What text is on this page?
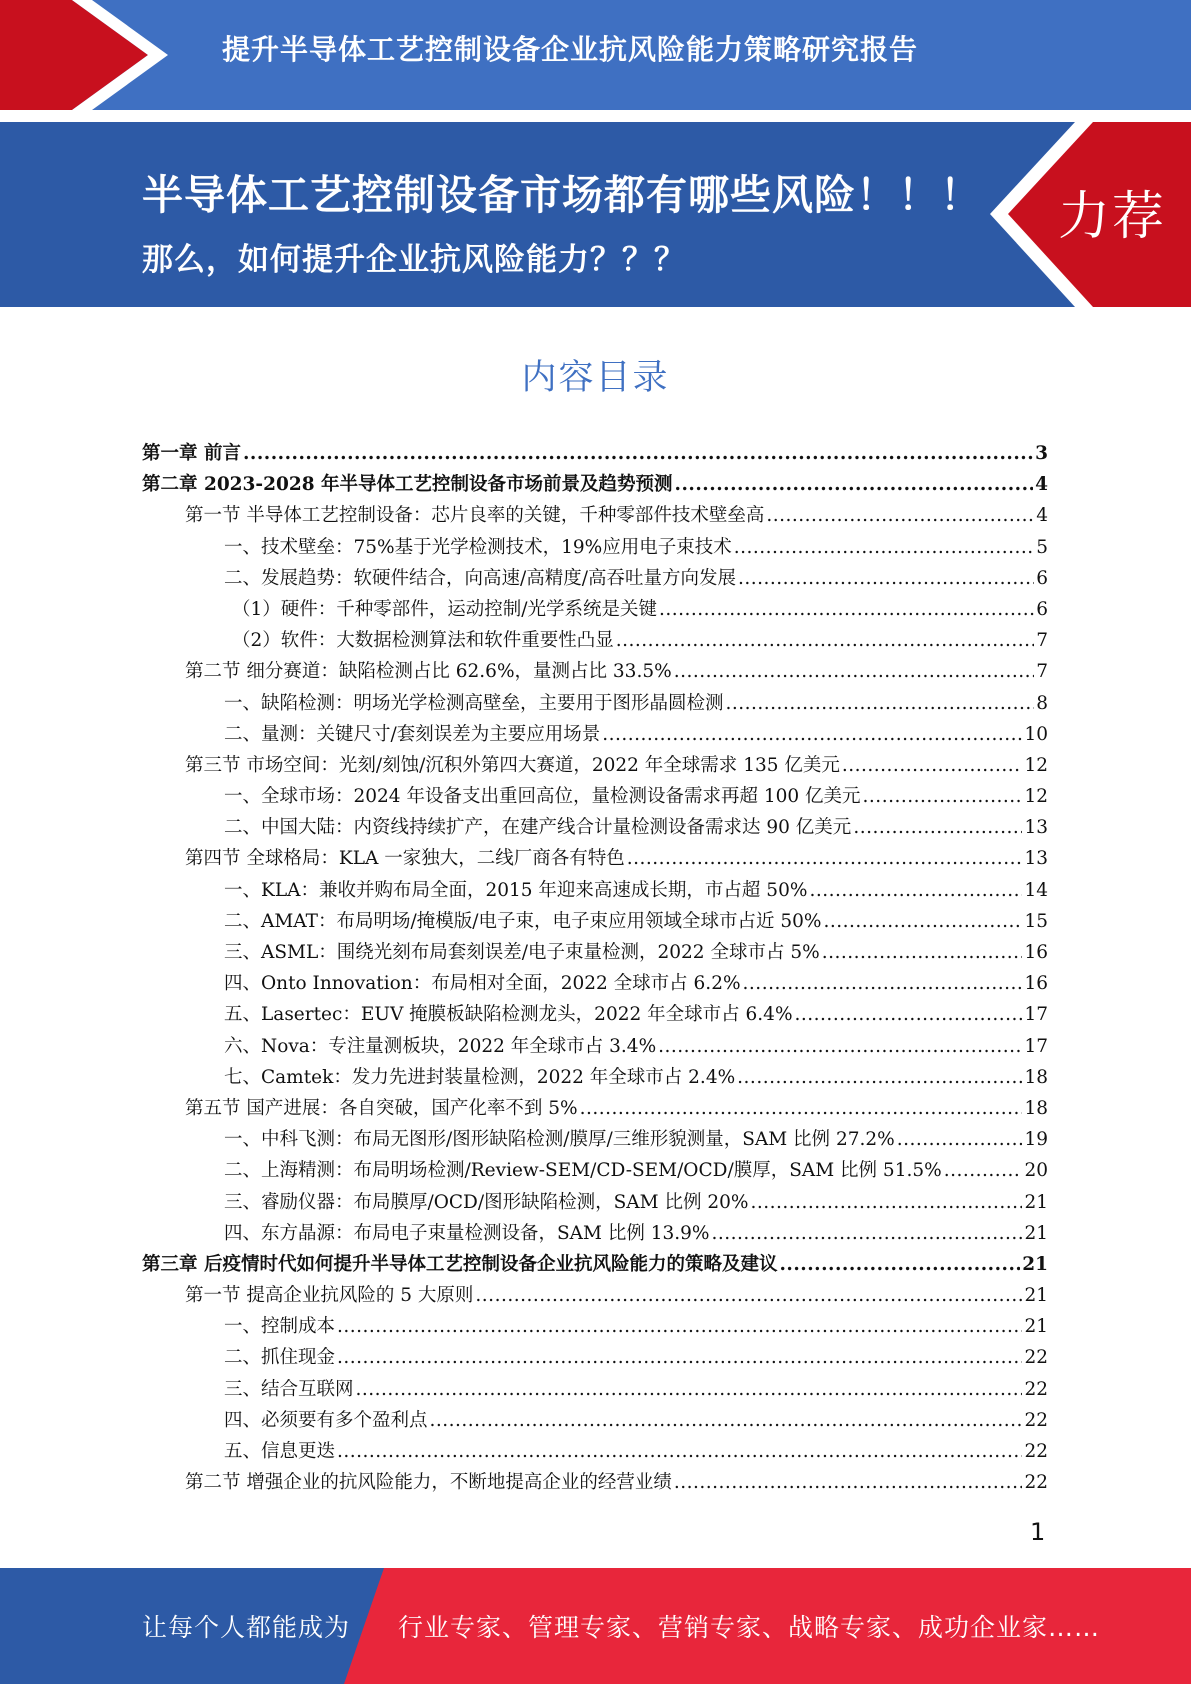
提升半导体工艺控制设备企业抗风险能力策略研究报告
半导体工艺控制设备市场都有哪些风险！！！
那么，如何提升企业抗风险能力？？？
力荐
内容目录
第一章 前言 .....	3
第二章 2023-2028 年半导体工艺控制设备市场前景及趋势预测 .....	4
第一节 半导体工艺控制设备：芯片良率的关键，千种零部件技术壁垒高 .....	4
一、技术壁垒：75%基于光学检测技术，19%应用电子束技术 .....	5
二、发展趋势：软硬件结合，向高速/高精度/高吞吐量方向发展 .....	6
（1）硬件：千种零部件，运动控制/光学系统是关键 .....	6
（2）软件：大数据检测算法和软件重要性凸显 .....	7
第二节 细分赛道：缺陷检测占比 62.6%，量测占比 33.5% .....	7
一、缺陷检测：明场光学检测高壁垒，主要用于图形晶圆检测 .....	8
二、量测：关键尺寸/套刻误差为主要应用场景 .....	10
第三节 市场空间：光刻/刻蚀/沉积外第四大赛道，2022 年全球需求 135 亿美元 .....	12
一、全球市场：2024 年设备支出重回高位，量检测设备需求再超 100 亿美元 .....	12
二、中国大陆：内资线持续扩产，在建产线合计量检测设备需求达 90 亿美元 .....	13
第四节 全球格局：KLA 一家独大，二线厂商各有特色 .....	13
一、KLA：兼收并购布局全面，2015 年迎来高速成长期，市占超 50% .....	14
二、AMAT：布局明场/掩模版/电子束，电子束应用领域全球市占近 50% .....	15
三、ASML：围绕光刻布局套刻误差/电子束量检测，2022 全球市占 5% .....	16
四、Onto Innovation：布局相对全面，2022 全球市占 6.2% .....	16
五、Lasertec：EUV 掩膜板缺陷检测龙头，2022 年全球市占 6.4% .....	17
六、Nova：专注量测板块，2022 年全球市占 3.4% .....	17
七、Camtek：发力先进封装量检测，2022 年全球市占 2.4% .....	18
第五节 国产进展：各自突破，国产化率不到 5% .....	18
一、中科飞测：布局无图形/图形缺陷检测/膜厚/三维形貌测量，SAM 比例 27.2% .....	19
二、上海精测：布局明场检测/Review-SEM/CD-SEM/OCD/膜厚，SAM 比例 51.5% .....	20
三、睿励仪器：布局膜厚/OCD/图形缺陷检测，SAM 比例 20% .....	21
四、东方晶源：布局电子束量检测设备，SAM 比例 13.9% .....	21
第三章 后疫情时代如何提升半导体工艺控制设备企业抗风险能力的策略及建议 .....	21
第一节 提高企业抗风险的 5 大原则 .....	21
一、控制成本 .....	21
二、抓住现金 .....	22
三、结合互联网 .....	22
四、必须要有多个盈利点 .....	22
五、信息更迭 .....	22
第二节 增强企业的抗风险能力，不断地提高企业的经营业绩 .....	22
1
让每个人都能成为 行业专家、管理专家、营销专家、战略专家、成功企业家……
